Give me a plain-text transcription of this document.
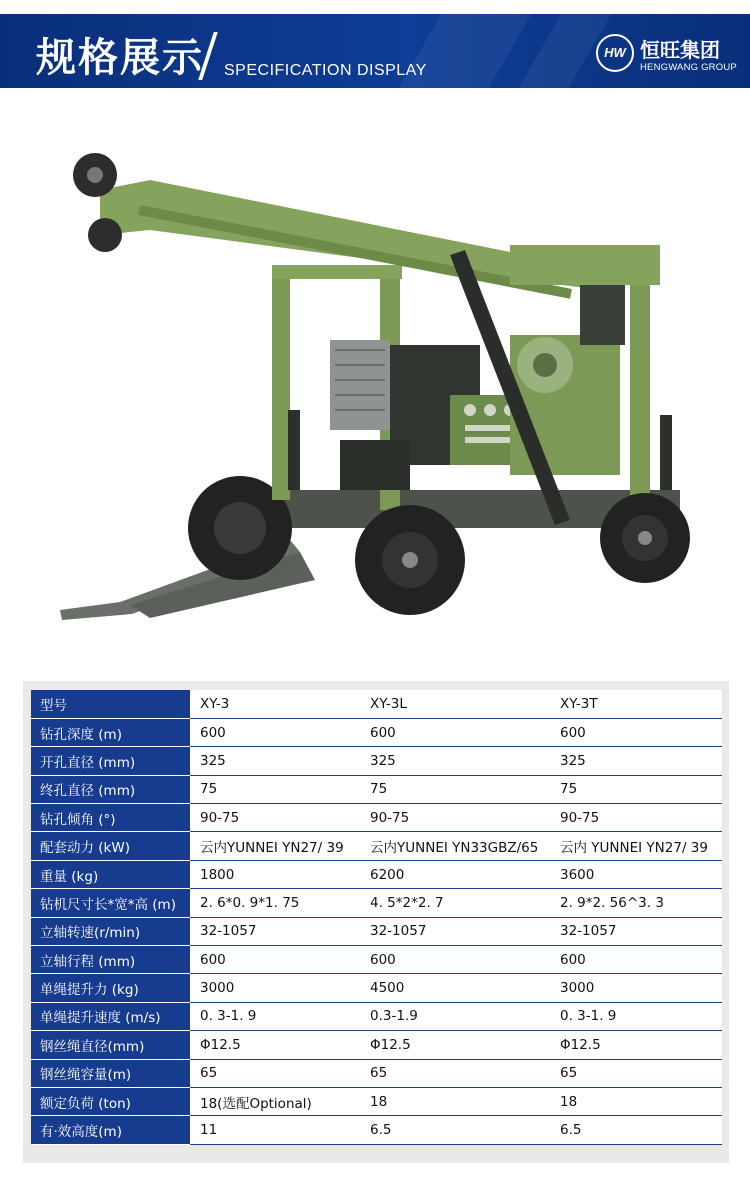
规格展示 SPECIFICATION DISPLAY
HW 恒旺集团
HENGWANG GROUP
型号	XY-3	XY-3L	XY-3T
钻孔深度 (m)	600	600	600
开孔直径 (mm)	325	325	325
终孔直径 (mm)	75	75	75
钻孔倾角 (°)	90-75	90-75	90-75
配套动力 (kW)	云内YUNNEI YN27/ 39	云内YUNNEI YN33GBZ/65	云内 YUNNEI YN27/ 39
重量 (kg)	1800	6200	3600
钻机尺寸长*宽*高 (m)	2. 6*0. 9*1. 75	4. 5*2*2. 7	2. 9*2. 56^3. 3
立轴转速(r/min)	32-1057	32-1057	32-1057
立轴行程 (mm)	600	600	600
单绳提升力 (kg)	3000	4500	3000
单绳提升速度 (m/s)	0. 3-1. 9	0.3-1.9	0. 3-1. 9
钢丝绳直径(mm)	Φ12.5	Φ12.5	Φ12.5
钢丝绳容量(m)	65	65	65
额定负荷 (ton)	18(选配Optional)	18	18
有·效高度(m)	11	6.5	6.5
